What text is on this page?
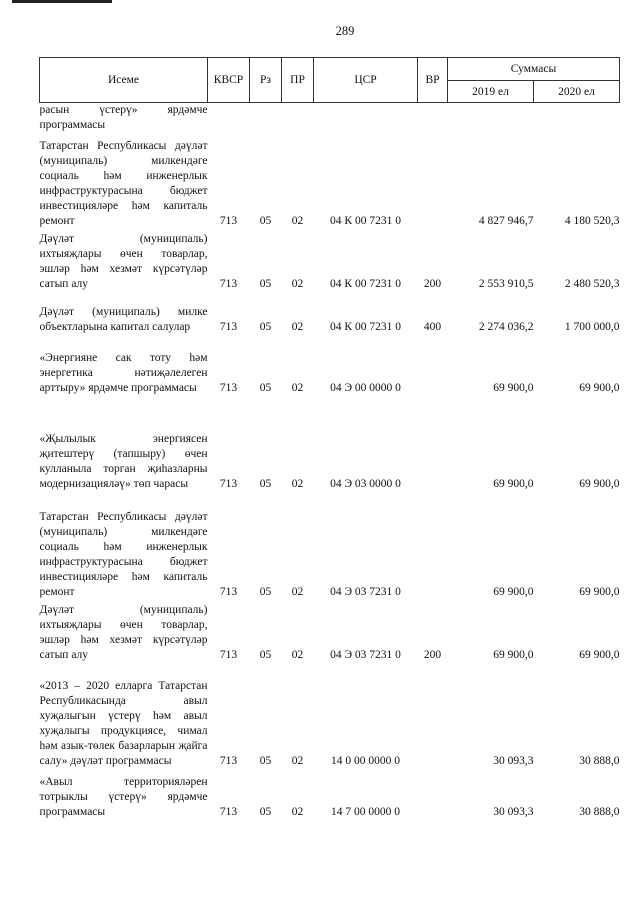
289
Исеме	КВСР	Рз	ПР	ЦСР	ВР	Суммасы	
						2019 ел	2020 ел
расын үстерү» ярдәмче программасы							
Татарстан Республикасы дәүләт (муниципаль) милкендәге социаль һәм инженерлык инфраструктурасына бюджет инвестицияләре һәм капиталь ремонт	713	05	02	04 К 00 7231 0		4 827 946,7	4 180 520,3
Дәүләт (муниципаль) ихтыяҗлары өчен товарлар, эшләр һәм хезмәт күрсәтүләр сатып алу	713	05	02	04 К 00 7231 0	200	2 553 910,5	2 480 520,3
Дәүләт (муниципаль) милке объектларына капитал салулар	713	05	02	04 К 00 7231 0	400	2 274 036,2	1 700 000,0
«Энергияне сак тоту һәм энергетика нәтиҗәлелеген арттыру» ярдәмче программасы	713	05	02	04 Э 00 0000 0		69 900,0	69 900,0
«Җылылык энергиясен җитештерү (тапшыру) өчен кулланыла торган җиһазларны модернизацияләү» төп чарасы	713	05	02	04 Э 03 0000 0		69 900,0	69 900,0
Татарстан Республикасы дәүләт (муниципаль) милкендәге социаль һәм инженерлык инфраструктурасына бюджет инвестицияләре һәм капиталь ремонт	713	05	02	04 Э 03 7231 0		69 900,0	69 900,0
Дәүләт (муниципаль) ихтыяҗлары өчен товарлар, эшләр һәм хезмәт күрсәтүләр сатып алу	713	05	02	04 Э 03 7231 0	200	69 900,0	69 900,0
«2013 – 2020 елларга Татарстан Республикасында авыл хуҗалыгын үстерү һәм авыл хуҗалыгы продукциясе, чимал һәм азык-төлек базарларын җайга салу» дәүләт программасы	713	05	02	14 0 00 0000 0		30 093,3	30 888,0
«Авыл территорияләрен тотрыклы үстерү» ярдәмче программасы	713	05	02	14 7 00 0000 0		30 093,3	30 888,0
